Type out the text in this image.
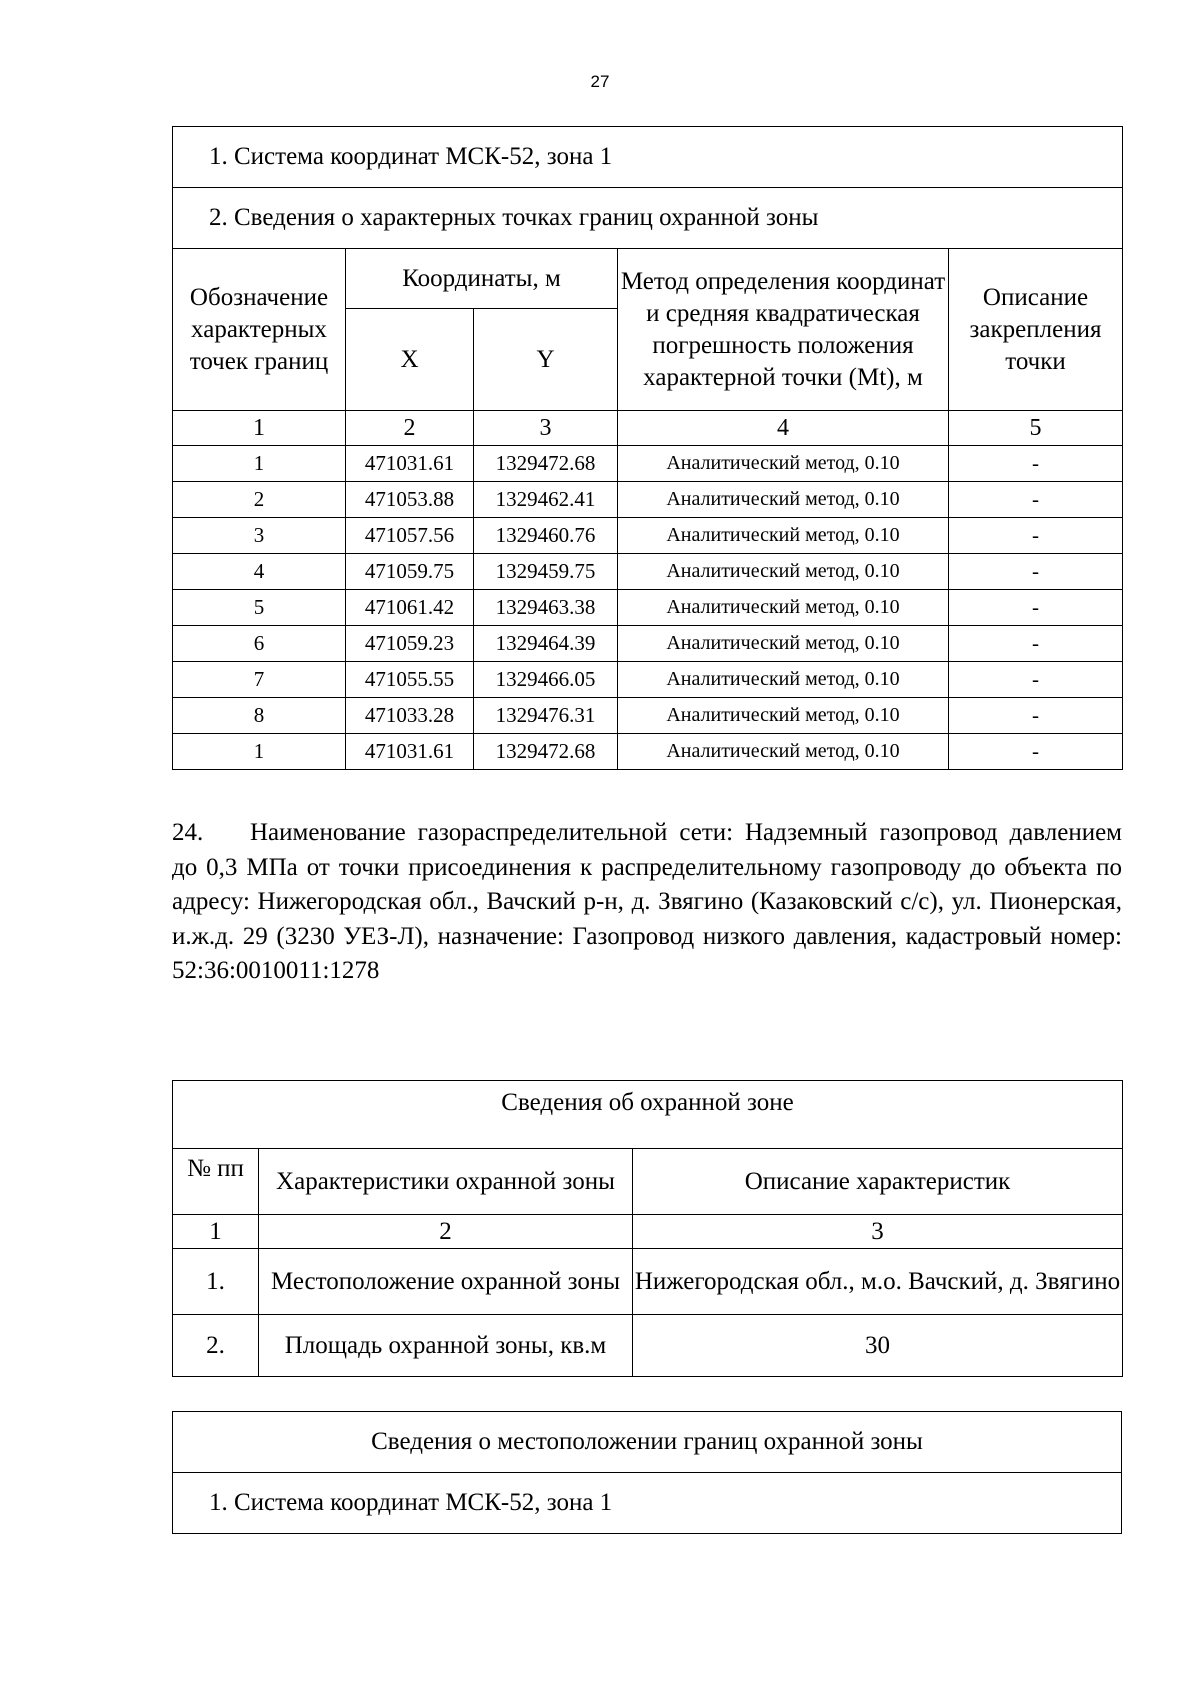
27
1. Система координат МСК-52, зона 1				
2. Сведения о характерных точках границ охранной зоны				
Обозначение характерных точек границ	Координаты, м		Метод определения координат и средняя квадратическая погрешность положения характерной точки (Mt), м	Описание закрепления точки
	X	Y		
1	2	3	4	5
1	471031.61	1329472.68	Аналитический метод, 0.10	-
2	471053.88	1329462.41	Аналитический метод, 0.10	-
3	471057.56	1329460.76	Аналитический метод, 0.10	-
4	471059.75	1329459.75	Аналитический метод, 0.10	-
5	471061.42	1329463.38	Аналитический метод, 0.10	-
6	471059.23	1329464.39	Аналитический метод, 0.10	-
7	471055.55	1329466.05	Аналитический метод, 0.10	-
8	471033.28	1329476.31	Аналитический метод, 0.10	-
1	471031.61	1329472.68	Аналитический метод, 0.10	-

24. Наименование газораспределительной сети: Надземный газопровод давлением до 0,3 МПа от точки присоединения к распределительному газопроводу до объекта по адресу: Нижегородская обл., Вачский р-н, д. Звягино (Казаковский с/с), ул. Пионерская, и.ж.д. 29 (3230 УЕЗ-Л), назначение: Газопровод низкого давления, кадастровый номер: 52:36:0010011:1278

Сведения об охранной зоне		
№ пп	Характеристики охранной зоны	Описание характеристик
1	2	3
1.	Местоположение охранной зоны	Нижегородская обл., м.о. Вачский, д. Звягино
2.	Площадь охранной зоны, кв.м	30
Сведения о местоположении границ охранной зоны
1. Система координат МСК-52, зона 1
